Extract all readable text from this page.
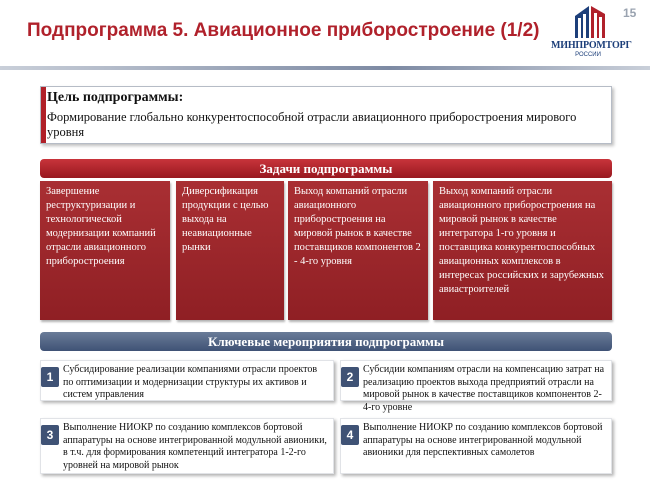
15
Подпрограмма 5. Авиационное приборостроение (1/2)
МИНПРОМТОРГ
РОССИИ
Цель подпрограммы:
Формирование глобально конкурентоспособной отрасли авиационного приборостроения мирового уровня
Задачи подпрограммы
Завершение реструктуризации и технологической модернизации компаний отрасли авиационного приборостроения
Диверсификация продукции с целью выхода на неавиационные рынки
Выход компаний отрасли авиационного приборостроения на мировой рынок в качестве поставщиков компонентов 2 - 4-го уровня
Выход компаний отрасли авиационного приборостроения на мировой рынок в качестве интегратора 1-го уровня и поставщика конкурентоспособных авиационных комплексов в интересах российских и зарубежных авиастроителей
Ключевые мероприятия подпрограммы
1
Субсидирование реализации компаниями отрасли проектов по оптимизации и модернизации структуры их активов и систем управления
2
Субсидии компаниям отрасли на компенсацию затрат на реализацию проектов выхода предприятий отрасли на мировой рынок в качестве поставщиков компонентов 2-4-го уровне
3
Выполнение НИОКР по созданию комплексов бортовой аппаратуры на основе интегрированной модульной авионики, в т.ч. для формирования компетенций интегратора 1-2-го уровней на мировой рынок
4
Выполнение НИОКР по созданию комплексов бортовой аппаратуры на основе интегрированной модульной авионики для перспективных самолетов
